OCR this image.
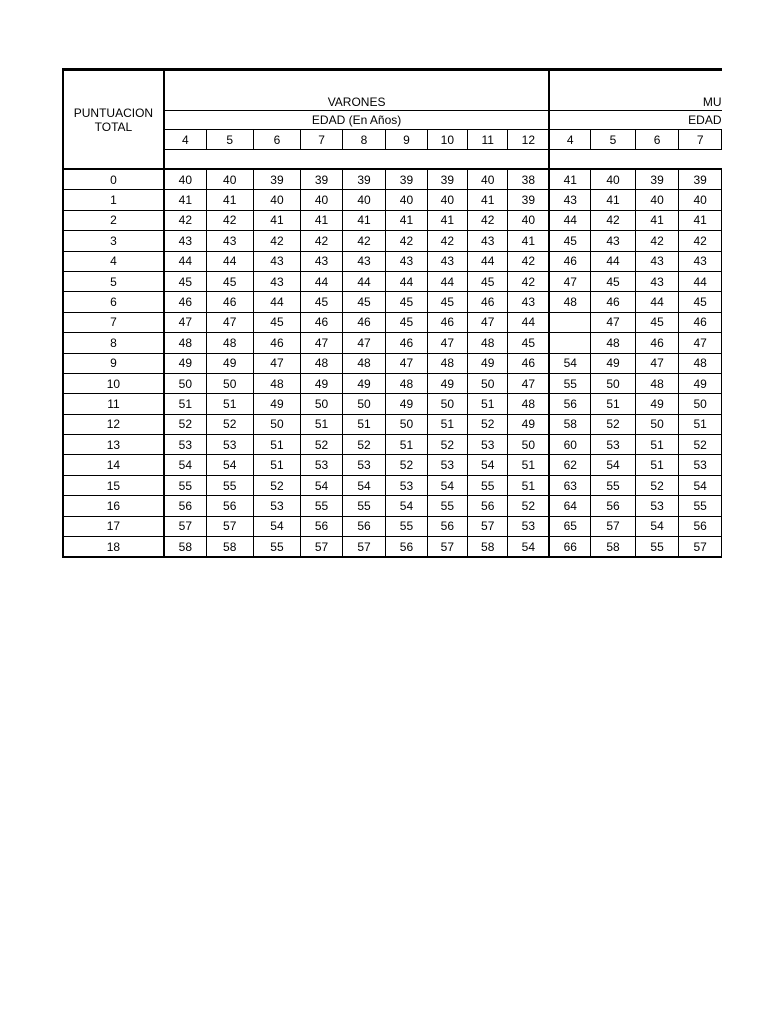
PUNTUACION
TOTAL	VARONES									MU			
	EDAD (En Años)									EDAD			
	4	5	6	7	8	9	10	11	12	4	5	6	7

0	40	40	39	39	39	39	39	40	38	41	40	39	39
1	41	41	40	40	40	40	40	41	39	43	41	40	40
2	42	42	41	41	41	41	41	42	40	44	42	41	41
3	43	43	42	42	42	42	42	43	41	45	43	42	42
4	44	44	43	43	43	43	43	44	42	46	44	43	43
5	45	45	43	44	44	44	44	45	42	47	45	43	44
6	46	46	44	45	45	45	45	46	43	48	46	44	45
7	47	47	45	46	46	45	46	47	44		47	45	46
8	48	48	46	47	47	46	47	48	45		48	46	47
9	49	49	47	48	48	47	48	49	46	54	49	47	48
10	50	50	48	49	49	48	49	50	47	55	50	48	49
11	51	51	49	50	50	49	50	51	48	56	51	49	50
12	52	52	50	51	51	50	51	52	49	58	52	50	51
13	53	53	51	52	52	51	52	53	50	60	53	51	52
14	54	54	51	53	53	52	53	54	51	62	54	51	53
15	55	55	52	54	54	53	54	55	51	63	55	52	54
16	56	56	53	55	55	54	55	56	52	64	56	53	55
17	57	57	54	56	56	55	56	57	53	65	57	54	56
18	58	58	55	57	57	56	57	58	54	66	58	55	57
